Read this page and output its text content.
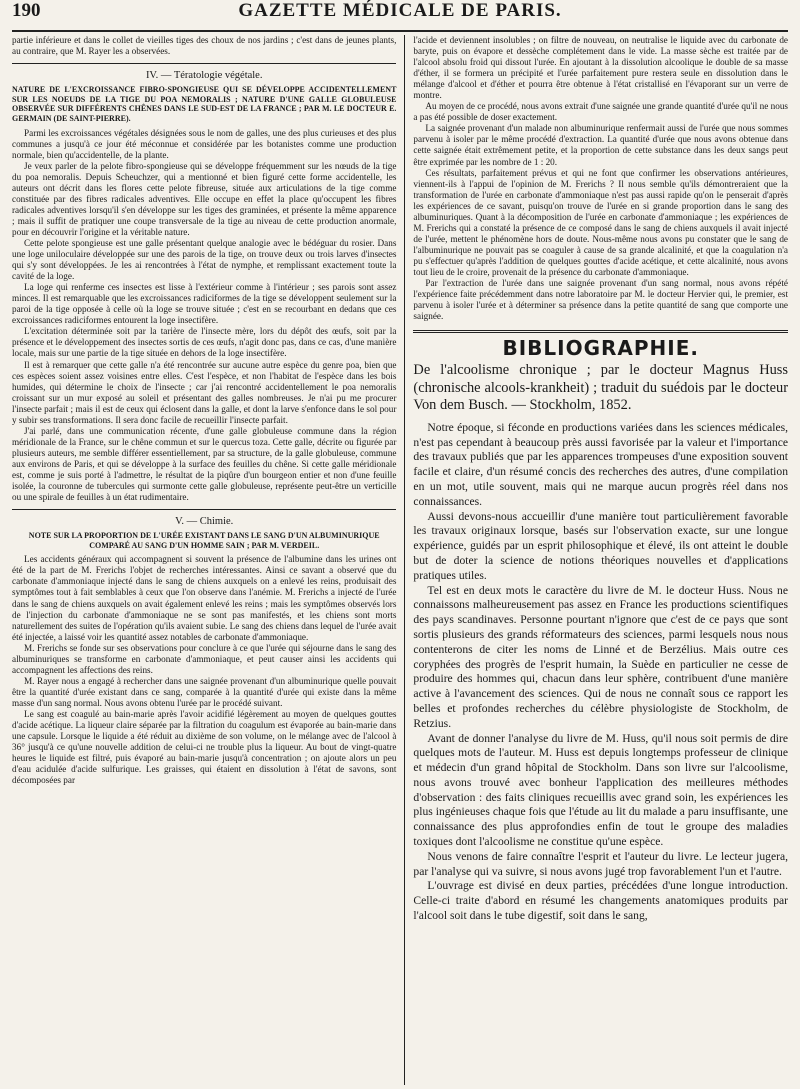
190	GAZETTE MÉDICALE DE PARIS.

partie inférieure et dans le collet de vieilles tiges des choux de nos jardins ; c'est dans de jeunes plants, au contraire, que M. Rayer les a observées.

IV. — Tératologie végétale.
NATURE DE L'EXCROISSANCE FIBRO-SPONGIEUSE QUI SE DÉVELOPPE ACCIDENTELLEMENT SUR LES NOEUDS DE LA TIGE DU POA NEMORALIS ; NATURE D'UNE GALLE GLOBULEUSE OBSERVÉE SUR DIFFÉRENTS CHÊNES DANS LE SUD-EST DE LA FRANCE ; PAR M. LE DOCTEUR E. GERMAIN (DE SAINT-PIERRE).

Parmi les excroissances végétales désignées sous le nom de galles, une des plus curieuses et des plus communes a jusqu'à ce jour été méconnue et considérée par les botanistes comme une production normale, bien qu'accidentelle, de la plante.

Je veux parler de la pelote fibro-spongieuse qui se développe fréquemment sur les nœuds de la tige du poa nemoralis. Depuis Scheuchzer, qui a mentionné et bien figuré cette forme accidentelle, les auteurs ont décrit dans les flores cette pelote fibreuse, située aux articulations de la tige comme constituée par des fibres radicales adventives. Elle occupe en effet la place qu'occupent les fibres radicales adventives lorsqu'il s'en développe sur les tiges des graminées, et présente la même apparence ; mais il suffit de pratiquer une coupe transversale de la tige au niveau de cette production anormale, pour en découvrir l'origine et la véritable nature.

Cette pelote spongieuse est une galle présentant quelque analogie avec le bédéguar du rosier. Dans une loge uniloculaire développée sur une des parois de la tige, on trouve deux ou trois larves d'insectes qui s'y sont développées. Je les ai rencontrées à l'état de nymphe, et remplissant exactement toute la cavité de la loge.

La loge qui renferme ces insectes est lisse à l'extérieur comme à l'intérieur ; ses parois sont assez minces. Il est remarquable que les excroissances radiciformes de la tige se développent seulement sur la paroi de la tige opposée à celle où la loge se trouve située ; c'est en se recourbant en dedans que ces excroissances radiciformes entourent la loge insectifère.

L'excitation déterminée soit par la tarière de l'insecte mère, lors du dépôt des œufs, soit par la présence et le développement des insectes sortis de ces œufs, n'agit donc pas, dans ce cas, d'une manière locale, mais sur une partie de la tige située en dehors de la loge insectifère.

Il est à remarquer que cette galle n'a été rencontrée sur aucune autre espèce du genre poa, bien que ces espèces soient assez voisines entre elles. C'est l'espèce, et non l'habitat de l'espèce dans les bois humides, qui détermine le choix de l'insecte ; car j'ai rencontré accidentellement le poa nemoralis croissant sur un mur exposé au soleil et présentant des galles nombreuses. Je n'ai pu me procurer l'insecte parfait ; mais il est de ceux qui éclosent dans la galle, et dont la larve s'enfonce dans le sol pour y subir ses transformations. Il sera donc facile de recueillir l'insecte parfait.

J'ai parlé, dans une communication récente, d'une galle globuleuse commune dans la région méridionale de la France, sur le chêne commun et sur le quercus toza. Cette galle, décrite ou figurée par plusieurs auteurs, me semble différer essentiellement, par sa structure, de la galle globuleuse, commune aux environs de Paris, et qui se développe à la surface des feuilles du chêne. Si cette galle méridionale est, comme je suis porté à l'admettre, le résultat de la piqûre d'un bourgeon entier et non d'une feuille isolée, la couronne de tubercules qui surmonte cette galle globuleuse, représente peut-être un verticille ou une spirale de feuilles à un état rudimentaire.

V. — Chimie.
NOTE SUR LA PROPORTION DE L'URÉE EXISTANT DANS LE SANG D'UN ALBUMINURIQUE COMPARÉ AU SANG D'UN HOMME SAIN ; PAR M. VERDEIL.

Les accidents généraux qui accompagnent si souvent la présence de l'albumine dans les urines ont été de la part de M. Frerichs l'objet de recherches intéressantes. Ainsi ce savant a observé que du carbonate d'ammoniaque injecté dans le sang de chiens auxquels on a enlevé les reins, produisait des symptômes tout à fait semblables à ceux que l'on observe dans l'anémie. M. Frerichs a injecté de l'urée dans le sang de chiens auxquels on avait également enlevé les reins ; mais les symptômes observés lors de l'injection du carbonate d'ammoniaque ne se sont pas manifestés, et les chiens sont morts naturellement des suites de l'opération qu'ils avaient subie. Le sang des chiens dans lequel de l'urée avait été injectée, a laissé voir les quantité assez notables de carbonate d'ammoniaque.

M. Frerichs se fonde sur ses observations pour conclure à ce que l'urée qui séjourne dans le sang des albuminuriques se transforme en carbonate d'ammoniaque, et peut causer ainsi les accidents qui accompagnent les affections des reins.

M. Rayer nous a engagé à rechercher dans une saignée provenant d'un albuminurique quelle pouvait être la quantité d'urée existant dans ce sang, comparée à la quantité d'urée qui existe dans la même masse d'un sang normal. Nous avons obtenu l'urée par le procédé suivant.

Le sang est coagulé au bain-marie après l'avoir acidifié légèrement au moyen de quelques gouttes d'acide acétique. La liqueur claire séparée par la filtration du coagulum est évaporée au bain-marie dans une capsule. Lorsque le liquide a été réduit au dixième de son volume, on le mélange avec de l'alcool à 36° jusqu'à ce qu'une nouvelle addition de celui-ci ne trouble plus la liqueur. Au bout de vingt-quatre heures le liquide est filtré, puis évaporé au bain-marie jusqu'à concentration ; on ajoute alors un peu d'eau acidulée d'acide sulfurique. Les graisses, qui étaient en dissolution à l'état de savons, sont décomposées par

l'acide et deviennent insolubles ; on filtre de nouveau, on neutralise le liquide avec du carbonate de baryte, puis on évapore et dessèche complétement dans le vide. La masse sèche est traitée par de l'alcool absolu froid qui dissout l'urée. En ajoutant à la dissolution alcoolique le double de sa masse d'éther, il se formera un précipité et l'urée parfaitement pure restera seule en dissolution dans le mélange d'alcool et d'éther et pourra être obtenue à l'état cristallisé en l'évaporant sur un verre de montre.

Au moyen de ce procédé, nous avons extrait d'une saignée une grande quantité d'urée qu'il ne nous a pas été possible de doser exactement.

La saignée provenant d'un malade non albuminurique renfermait aussi de l'urée que nous sommes parvenu à isoler par le même procédé d'extraction. La quantité d'urée que nous avons obtenue dans cette saignée était extrêmement petite, et la proportion de cette substance dans les deux sangs peut être exprimée par les nombre de 1 : 20.

Ces résultats, parfaitement prévus et qui ne font que confirmer les observations antérieures, viennent-ils à l'appui de l'opinion de M. Frerichs ? Il nous semble qu'ils démontreraient que la transformation de l'urée en carbonate d'ammoniaque n'est pas aussi rapide qu'on le penserait d'après les expériences de ce savant, puisqu'on trouve de l'urée en si grande proportion dans le sang des albuminuriques. Quant à la décomposition de l'urée en carbonate d'ammoniaque ; les expériences de M. Frerichs qui a constaté la présence de ce composé dans le sang de chiens auxquels il avait injecté de l'urée, mettent le phénomène hors de doute. Nous-même nous avons pu constater que le sang de l'albuminurique ne pouvait pas se coaguler à cause de sa grande alcalinité, et que la coagulation n'a pu s'effectuer qu'après l'addition de quelques gouttes d'acide acétique, et cette alcalinité, nous avons tout lieu de le croire, provenait de la présence du carbonate d'ammoniaque.

Par l'extraction de l'urée dans une saignée provenant d'un sang normal, nous avons répété l'expérience faite précédemment dans notre laboratoire par M. le docteur Hervier qui, le premier, est parvenu à isoler l'urée et à déterminer sa présence dans la petite quantité de sang que comporte une saignée.

BIBLIOGRAPHIE.
De l'alcoolisme chronique ; par le docteur Magnus Huss (chronische alcools-krankheit) ; traduit du suédois par le docteur Von dem Busch. — Stockholm, 1852.

Notre époque, si féconde en productions variées dans les sciences médicales, n'est pas cependant à beaucoup près aussi favorisée par la valeur et l'importance des travaux publiés que par les apparences trompeuses d'une exposition souvent facile et claire, d'un résumé concis des recherches des autres, d'une compilation en un mot, utile souvent, mais qui ne marque aucun progrès réel dans nos connaissances.

Aussi devons-nous accueillir d'une manière tout particulièrement favorable les travaux originaux lorsque, basés sur l'observation exacte, sur une longue expérience, guidés par un esprit philosophique et élevé, ils ont atteint le double but de doter la science de notions théoriques nouvelles et d'applications pratiques utiles.

Tel est en deux mots le caractère du livre de M. le docteur Huss. Nous ne connaissons malheureusement pas assez en France les productions scientifiques des pays scandinaves. Personne pourtant n'ignore que c'est de ce pays que sont sortis plusieurs des grands réformateurs des sciences, parmi lesquels nous nous contenterons de citer les noms de Linné et de Berzélius. Mais outre ces coryphées des progrès de l'esprit humain, la Suède en particulier ne cesse de produire des hommes qui, chacun dans leur sphère, contribuent d'une manière active à l'avancement des sciences. Qui de nous ne connaît sous ce rapport les belles et profondes recherches du célèbre physiologiste de Stockholm, de Retzius.

Avant de donner l'analyse du livre de M. Huss, qu'il nous soit permis de dire quelques mots de l'auteur. M. Huss est depuis longtemps professeur de clinique et médecin d'un grand hôpital de Stockholm. Dans son livre sur l'alcoolisme, nous avons trouvé avec bonheur l'application des meilleures méthodes d'observation : des faits cliniques recueillis avec grand soin, les expériences les plus ingénieuses chaque fois que l'étude au lit du malade a paru insuffisante, une connaissance des plus approfondies enfin de tout le groupe des maladies toxiques dont l'alcoolisme ne constitue qu'une espèce.

Nous venons de faire connaître l'esprit et l'auteur du livre. Le lecteur jugera, par l'analyse qui va suivre, si nous avons jugé trop favorablement l'un et l'autre.

L'ouvrage est divisé en deux parties, précédées d'une longue introduction. Celle-ci traite d'abord en résumé les changements anatomiques produits par l'alcool soit dans le tube digestif, soit dans le sang,
